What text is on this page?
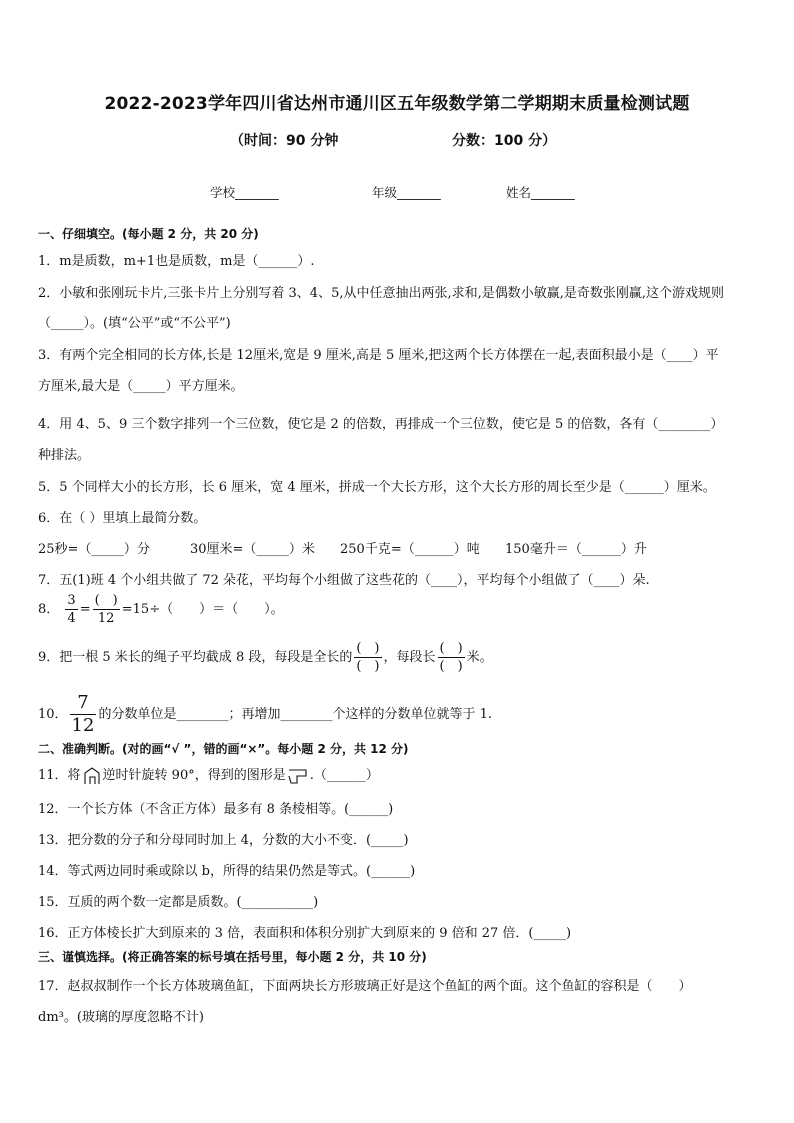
2022-2023学年四川省达州市通川区五年级数学第二学期期末质量检测试题
（时间：90 分钟	分数：100 分）
学校_______	年级_______	姓名_______
一、仔细填空。(每小题 2 分，共 20 分)
1．m是质数，m+1也是质数，m是（______）.
2．小敏和张刚玩卡片,三张卡片上分别写着 3、4、5,从中任意抽出两张,求和,是偶数小敏赢,是奇数张刚赢,这个游戏规则
（_____）。(填“公平”或“不公平”)
3．有两个完全相同的长方体,长是 12厘米,宽是 9 厘米,高是 5 厘米,把这两个长方体摆在一起,表面积最小是（____）平
方厘米,最大是（_____）平方厘米。
4．用 4、5、9 三个数字排列一个三位数，使它是 2 的倍数，再排成一个三位数，使它是 5 的倍数，各有（________）
种排法。
5．5 个同样大小的长方形，长 6 厘米，宽 4 厘米，拼成一个大长方形，这个大长方形的周长至少是（______）厘米。
6．在（ ）里填上最简分数。
25秒=（_____）分	30厘米=（_____）米 250千克=（______）吨 150毫升＝（______）升
7．五(1)班 4 个小组共做了 72 朵花，平均每个小组做了这些花的（____），平均每个小组做了（____）朵.
8． $\frac{3}{4} = \frac{( )}{12} =15\div$（　　）＝（　　）。
9．把一根 5 米长的绳子平均截成 8 段，每段是全长的 $\frac{( )}{( )}$ ，每段长 $\frac{( )}{( )}$ 米。
10． $\frac{7}{12}$ 的分数单位是________；再增加________个这样的分数单位就等于 1.
二、准确判断。(对的画“√ ”，错的画“×”。每小题 2 分，共 12 分)
11．将 逆时针旋转 90°，得到的图形是 .（______）
12．一个长方体（不含正方体）最多有 8 条棱相等。(______)
13．把分数的分子和分母同时加上 4，分数的大小不变．(_____)
14．等式两边同时乘或除以 b，所得的结果仍然是等式。(______)
15．互质的两个数一定都是质数。(___________)
16．正方体棱长扩大到原来的 3 倍，表面积和体积分别扩大到原来的 9 倍和 27 倍．(_____)
三、谨慎选择。(将正确答案的标号填在括号里，每小题 2 分，共 10 分)
17．赵叔叔制作一个长方体玻璃鱼缸，下面两块长方形玻璃正好是这个鱼缸的两个面。这个鱼缸的容积是（　　）
dm³。(玻璃的厚度忽略不计)
